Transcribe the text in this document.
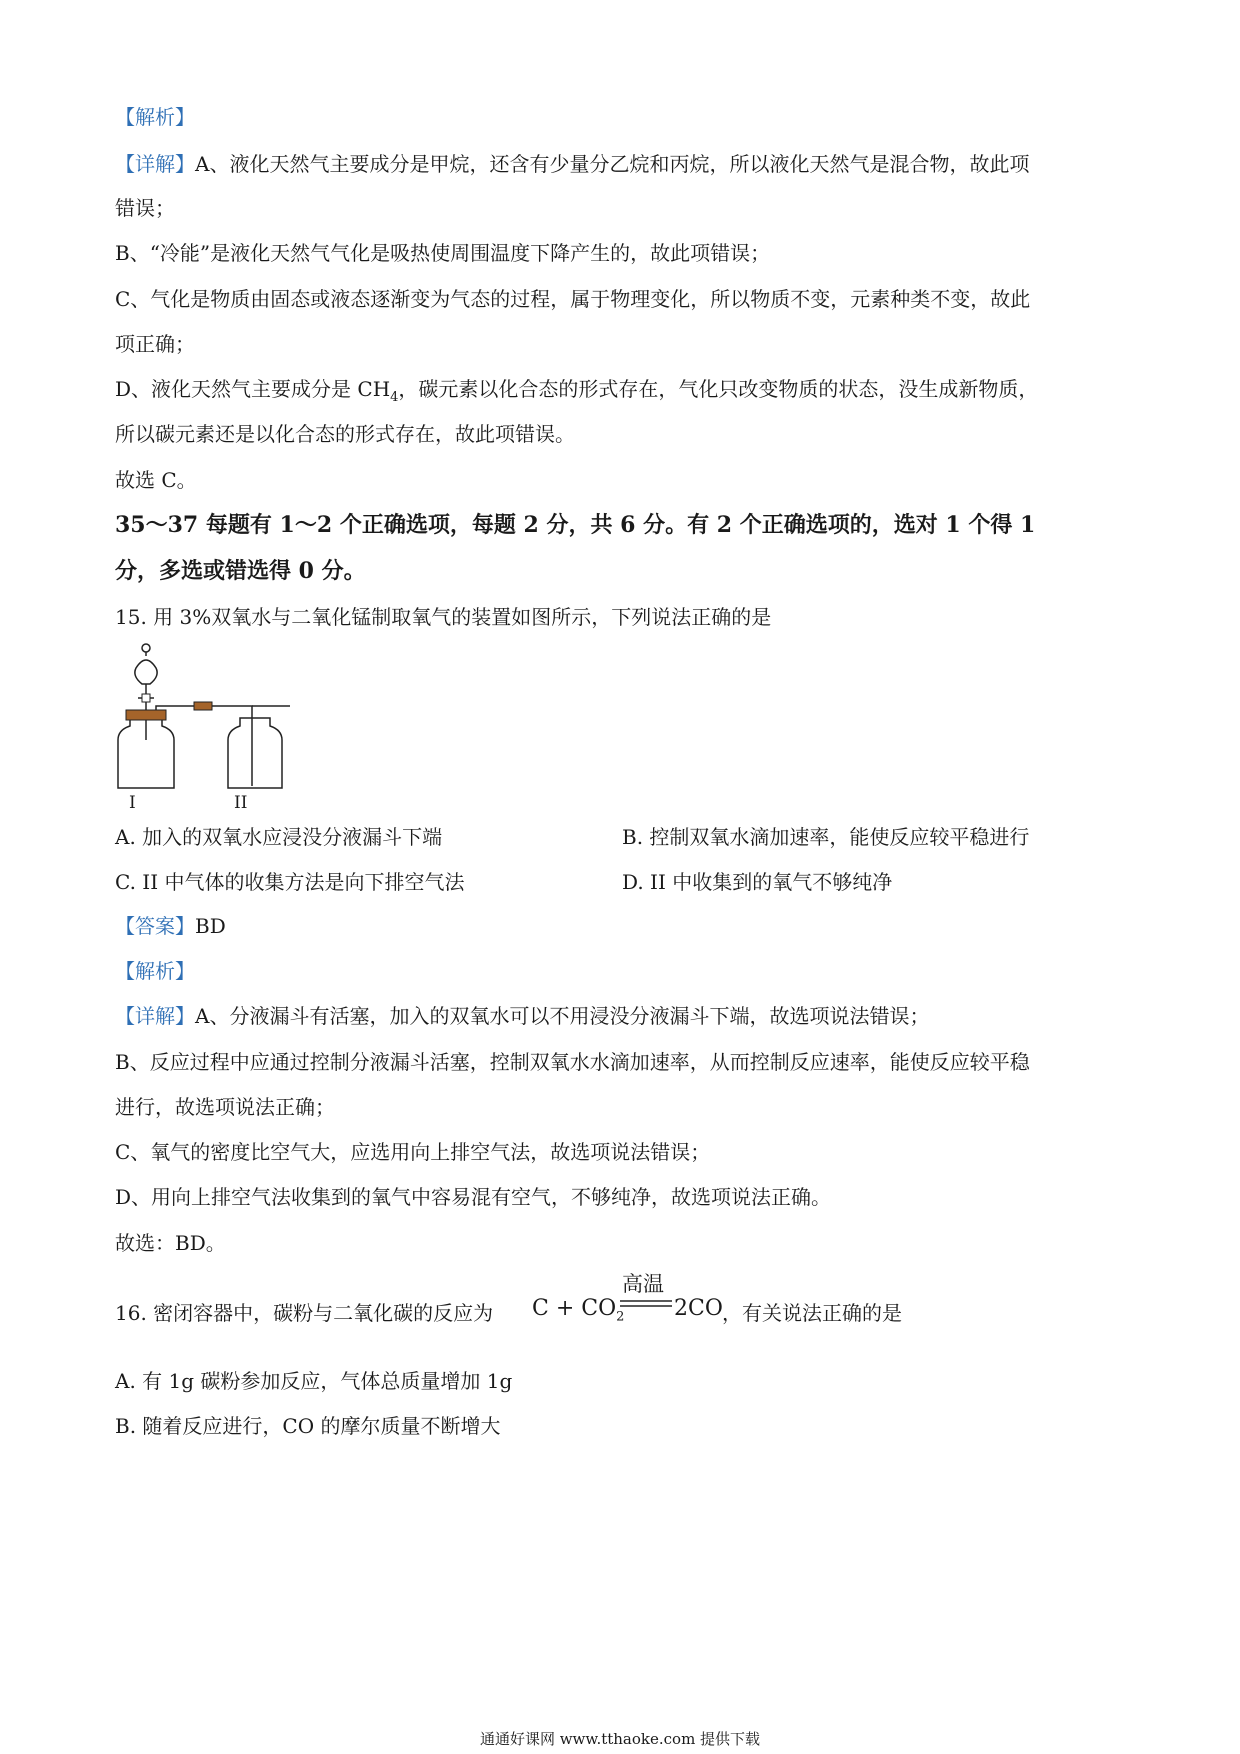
【解析】
【详解】A、液化天然气主要成分是甲烷，还含有少量分乙烷和丙烷，所以液化天然气是混合物，故此项
错误；
B、“冷能”是液化天然气气化是吸热使周围温度下降产生的，故此项错误；
C、气化是物质由固态或液态逐渐变为气态的过程，属于物理变化，所以物质不变，元素种类不变，故此
项正确；
D、液化天然气主要成分是 $CH_4$，碳元素以化合态的形式存在，气化只改变物质的状态，没生成新物质，
所以碳元素还是以化合态的形式存在，故此项错误。
故选 C。
35～37 每题有 1～2 个正确选项，每题 2 分，共 6 分。有 2 个正确选项的，选对 1 个得 1
分，多选或错选得 0 分。
15. 用 3%双氧水与二氧化锰制取氧气的装置如图所示，下列说法正确的是
I	II
A. 加入的双氧水应浸没分液漏斗下端	B. 控制双氧水滴加速率，能使反应较平稳进行
C. II 中气体的收集方法是向下排空气法	D. II 中收集到的氧气不够纯净
【答案】BD
【解析】
【详解】A、分液漏斗有活塞，加入的双氧水可以不用浸没分液漏斗下端，故选项说法错误；
B、反应过程中应通过控制分液漏斗活塞，控制双氧水水滴加速率，从而控制反应速率，能使反应较平稳
进行，故选项说法正确；
C、氧气的密度比空气大，应选用向上排空气法，故选项说法错误；
D、用向上排空气法收集到的氧气中容易混有空气，不够纯净，故选项说法正确。
故选：BD。
16. 密闭容器中，碳粉与二氧化碳的反应为 $C + CO_2$
高温
2CO ，有关说法正确的是
A. 有 1g 碳粉参加反应，气体总质量增加 1g
B. 随着反应进行，CO 的摩尔质量不断增大
通通好课网 www.tthaoke.com 提供下载
